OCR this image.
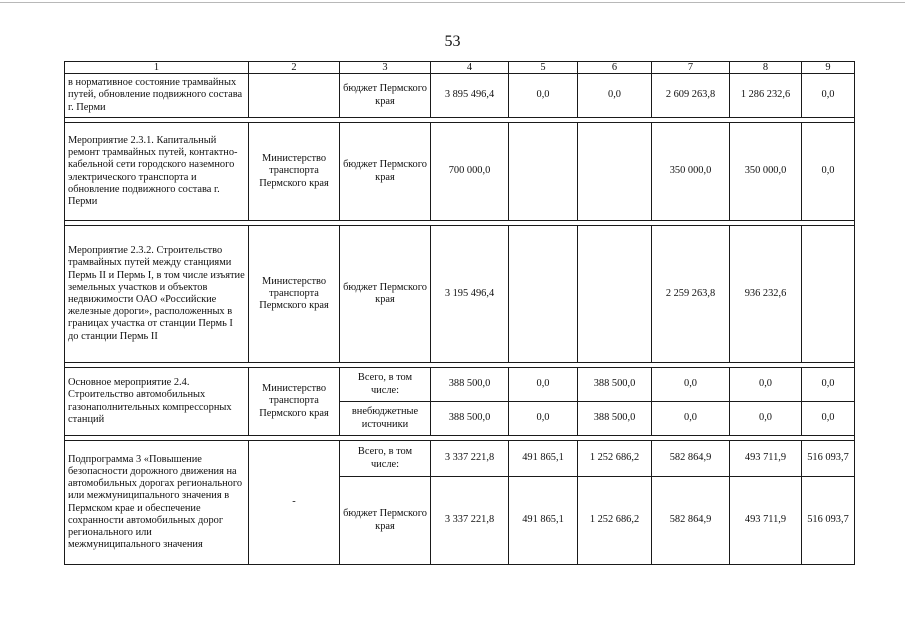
53
1	2	3	4	5	6	7	8	9
в нормативное состояние трамвайных путей, обновление подвижного состава г. Перми		бюджет Пермского края	3 895 496,4	0,0	0,0	2 609 263,8	1 286 232,6	0,0

Мероприятие 2.3.1. Капитальный ремонт трамвайных путей, контактно-кабельной сети городского наземного электрического транспорта и обновление подвижного состава г. Перми	Министерство транспорта Пермского края	бюджет Пермского края	700 000,0			350 000,0	350 000,0	0,0

Мероприятие 2.3.2. Строительство трамвайных путей между станциями Пермь II и Пермь I, в том числе изъятие земельных участков и объектов недвижимости ОАО «Российские железные дороги», расположенных в границах участка от станции Пермь I до станции Пермь II	Министерство транспорта Пермского края	бюджет Пермского края	3 195 496,4			2 259 263,8	936 232,6	

Основное мероприятие 2.4. Строительство автомобильных газонаполнительных компрессорных станций	Министерство транспорта Пермского края	Всего, в том числе:	388 500,0	0,0	388 500,0	0,0	0,0	0,0
		внебюджетные источники	388 500,0	0,0	388 500,0	0,0	0,0	0,0

Подпрограмма 3 «Повышение безопасности дорожного движения на автомобильных дорогах регионального или межмуниципального значения в Пермском крае и обеспечение сохранности автомобильных дорог регионального или межмуниципального значения	-	Всего, в том числе:	3 337 221,8	491 865,1	1 252 686,2	582 864,9	493 711,9	516 093,7
		бюджет Пермского края	3 337 221,8	491 865,1	1 252 686,2	582 864,9	493 711,9	516 093,7
